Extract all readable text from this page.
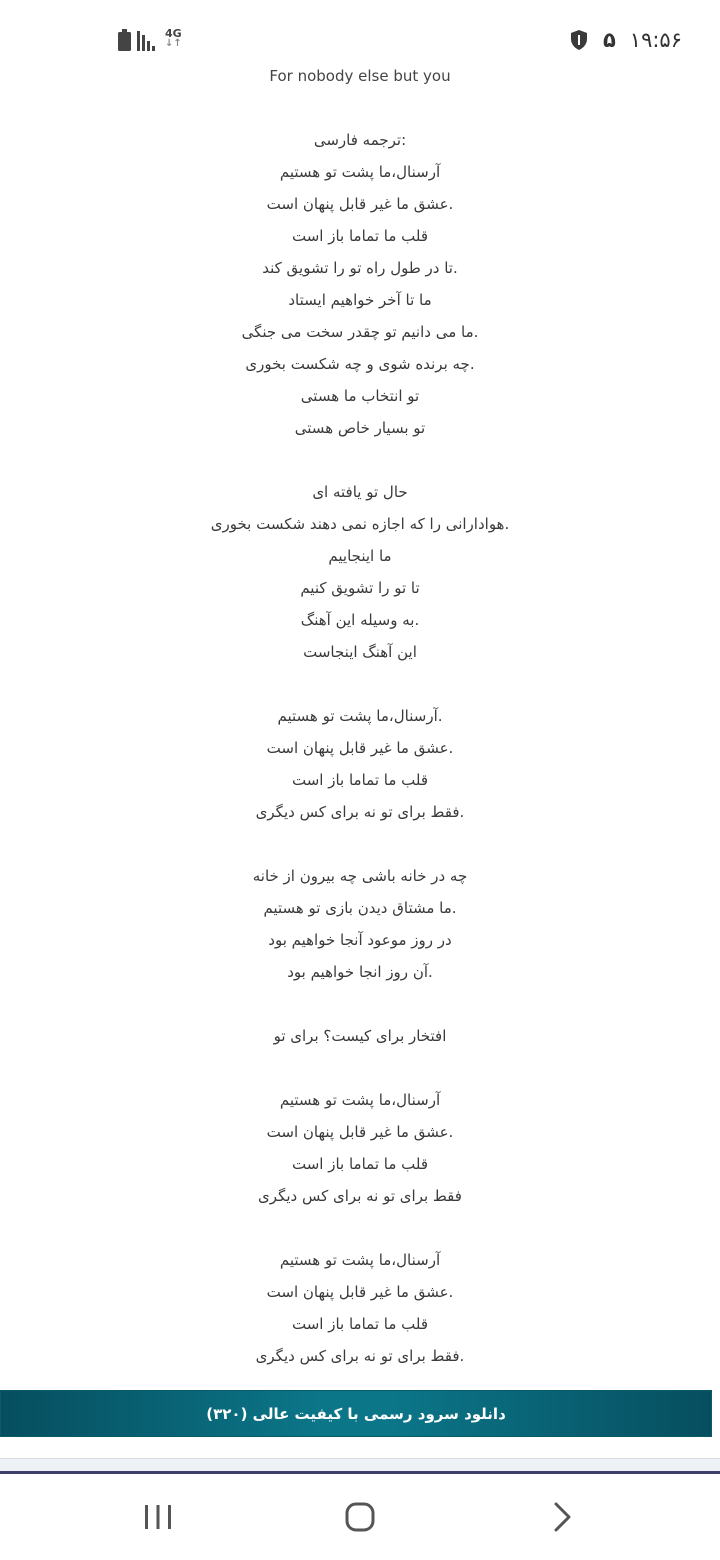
4G
↓↑	۵ ۱۹:۵۶
For nobody else but you
ترجمه فارسی:
آرسنال،ما پشت تو هستیم
عشق ما غیر قابل پنهان است.
قلب ما تماما باز است
تا در طول راه تو را تشویق کند.
ما تا آخر خواهیم ایستاد
ما می دانیم تو چقدر سخت می جنگی.
چه برنده شوی و چه شکست بخوری.
تو انتخاب ما هستی
تو بسیار خاص هستی
حال تو یافته ای
هوادارانی را که اجازه نمی دهند شکست بخوری.
ما اینجاییم
تا تو را تشویق کنیم
به وسیله این آهنگ.
این آهنگ اینجاست
آرسنال،ما پشت تو هستیم.
عشق ما غیر قابل پنهان است.
قلب ما تماما باز است
فقط برای تو نه برای کس دیگری.
چه در خانه باشی چه بیرون از خانه
ما مشتاق دیدن بازی تو هستیم.
در روز موعود آنجا خواهیم بود
آن روز انجا خواهیم بود.
افتخار برای کیست؟ برای تو
آرسنال،ما پشت تو هستیم
عشق ما غیر قابل پنهان است.
قلب ما تماما باز است
فقط برای تو نه برای کس دیگری
آرسنال،ما پشت تو هستیم
عشق ما غیر قابل پنهان است.
قلب ما تماما باز است
فقط برای تو نه برای کس دیگری.
دانلود سرود رسمی با کیفیت عالی (۳۲۰)
